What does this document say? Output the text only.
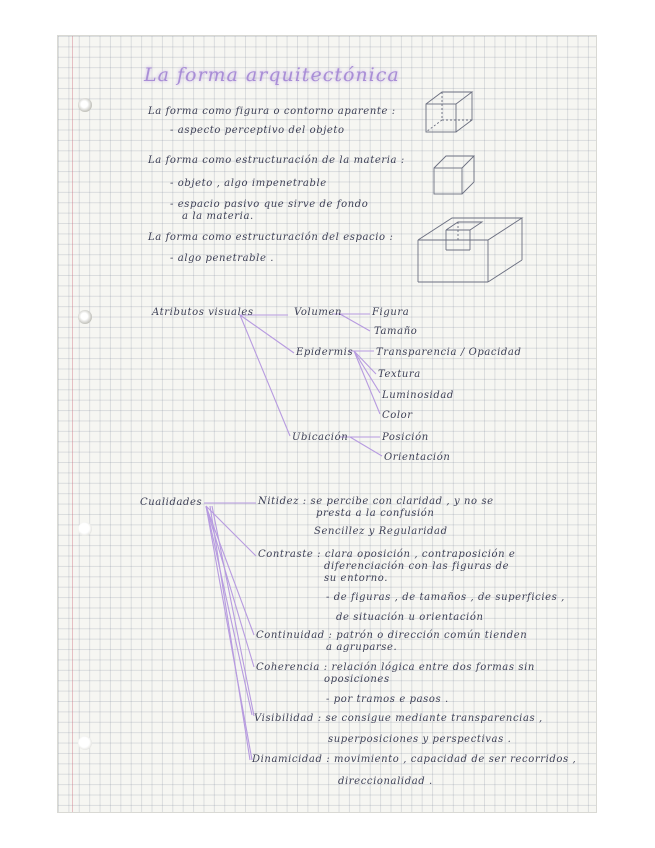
La forma arquitectónica
La forma como figura o contorno aparente :
- aspecto perceptivo del objeto
La forma como estructuración de la materia :
- objeto , algo impenetrable
- espacio pasivo que sirve de fondo
a la materia.
La forma como estructuración del espacio :
- algo penetrable .
Atributos visuales	Volumen	Figura
Tamaño
Epidermis Transparencia / Opacidad
Textura
Luminosidad
Color
Ubicación	Posición
Orientación
Cualidades	Nitidez : se percibe con claridad , y no se
presta a la confusión
Sencillez y Regularidad
Contraste : clara oposición , contraposición e
diferenciación con las figuras de
su entorno.
- de figuras , de tamaños , de superficies ,
de situación u orientación
Continuidad : patrón o dirección común tienden
a agruparse.
Coherencia : relación lógica entre dos formas sin
oposiciones
- por tramos e pasos .
Visibilidad : se consigue mediante transparencias ,
superposiciones y perspectivas .
Dinamicidad : movimiento , capacidad de ser recorridos ,
direccionalidad .
